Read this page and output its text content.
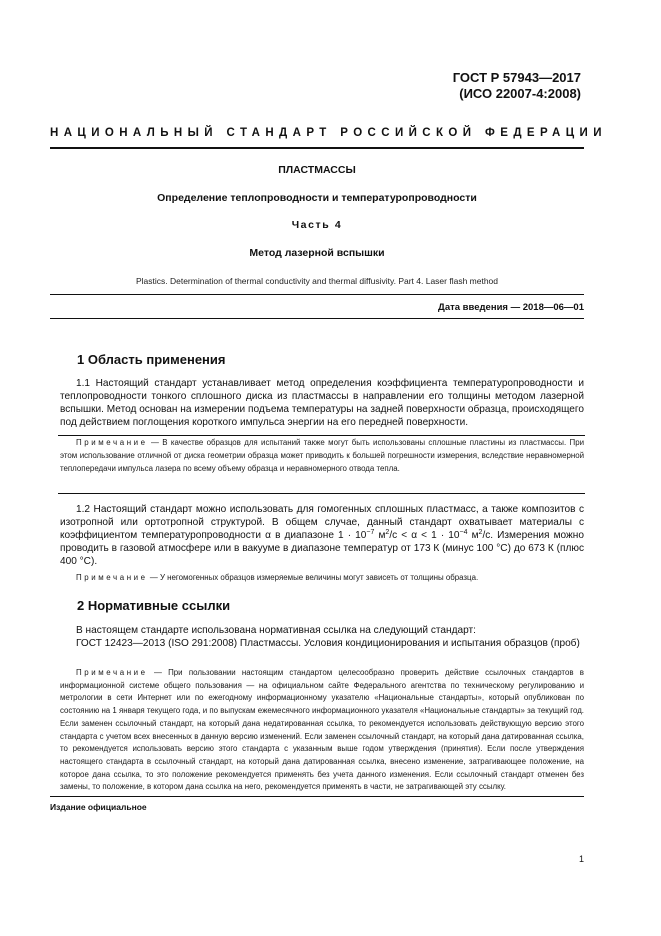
ГОСТ Р 57943—2017
(ИСО 22007-4:2008)
НАЦИОНАЛЬНЫЙ СТАНДАРТ РОССИЙСКОЙ ФЕДЕРАЦИИ
ПЛАСТМАССЫ
Определение теплопроводности и температуропроводности
Часть 4
Метод лазерной вспышки
Plastics. Determination of thermal conductivity and thermal diffusivity. Part 4. Laser flash method
Дата введения — 2018—06—01
1 Область применения
1.1 Настоящий стандарт устанавливает метод определения коэффициента температуропроводности и теплопроводности тонкого сплошного диска из пластмассы в направлении его толщины методом лазерной вспышки. Метод основан на измерении подъема температуры на задней поверхности образца, происходящего под действием поглощения короткого импульса энергии на его передней поверхности.
Примечание — В качестве образцов для испытаний также могут быть использованы сплошные пластины из пластмассы. При этом использование отличной от диска геометрии образца может приводить к большей погрешности измерения, вследствие неравномерной теплопередачи импульса лазера по всему объему образца и неравномерного отвода тепла.
1.2 Настоящий стандарт можно использовать для гомогенных сплошных пластмасс, а также композитов с изотропной или ортотропной структурой. В общем случае, данный стандарт охватывает материалы с коэффициентом температуропроводности α в диапазоне $1 \cdot 10^{-7}$ $м^2/с < \alpha < 1 \cdot 10^{-4}$ $м^2/с$. Измерения можно проводить в газовой атмосфере или в вакууме в диапазоне температур от 173 К (минус 100 °С) до 673 К (плюс 400 °С).
Примечание — У негомогенных образцов измеряемые величины могут зависеть от толщины образца.
2 Нормативные ссылки
В настоящем стандарте использована нормативная ссылка на следующий стандарт:
ГОСТ 12423—2013 (ISO 291:2008) Пластмассы. Условия кондиционирования и испытания образцов (проб)
Примечание — При пользовании настоящим стандартом целесообразно проверить действие ссылочных стандартов в информационной системе общего пользования — на официальном сайте Федерального агентства по техническому регулированию и метрологии в сети Интернет или по ежегодному информационному указателю «Национальные стандарты», который опубликован по состоянию на 1 января текущего года, и по выпускам ежемесячного информационного указателя «Национальные стандарты» за текущий год. Если заменен ссылочный стандарт, на который дана недатированная ссылка, то рекомендуется использовать действующую версию этого стандарта с учетом всех внесенных в данную версию изменений. Если заменен ссылочный стандарт, на который дана датированная ссылка, то рекомендуется использовать версию этого стандарта с указанным выше годом утверждения (принятия). Если после утверждения настоящего стандарта в ссылочный стандарт, на который дана датированная ссылка, внесено изменение, затрагивающее положение, на которое дана ссылка, то это положение рекомендуется применять без учета данного изменения. Если ссылочный стандарт отменен без замены, то положение, в котором дана ссылка на него, рекомендуется применять в части, не затрагивающей эту ссылку.
Издание официальное
1
